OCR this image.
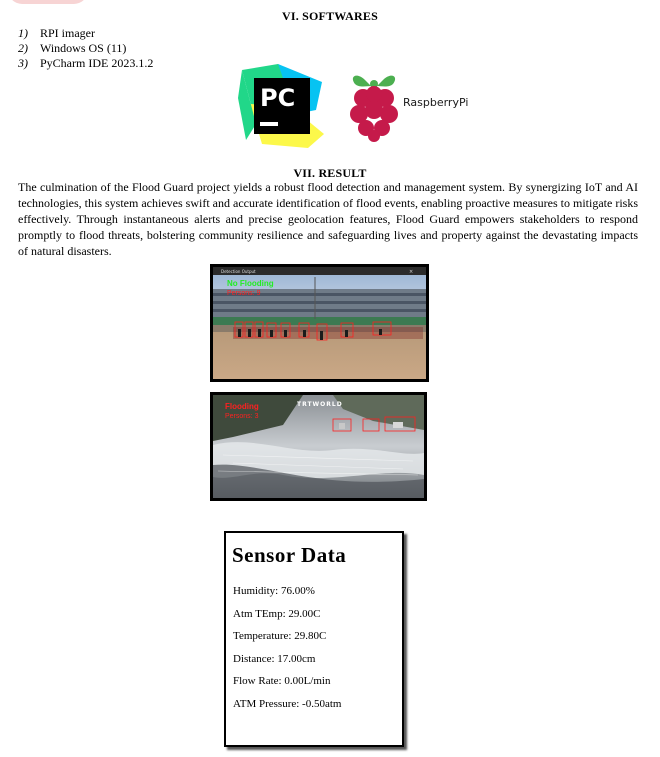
VI. SOFTWARES
1) RPI imager
2) Windows OS (11)
3) PyCharm IDE 2023.1.2
PC	RaspberryPi
VII. RESULT

The culmination of the Flood Guard project yields a robust flood detection and management system. By synergizing IoT and AI technologies, this system achieves swift and accurate identification of flood events, enabling proactive measures to mitigate risks effectively. Through instantaneous alerts and precise geolocation features, Flood Guard empowers stakeholders to respond promptly to flood threats, bolstering community resilience and safeguarding lives and property against the devastating impacts of natural disasters.

Detection Output	×
No Flooding
Persons: 9
TRTWORLD
Flooding
Persons: 3
Sensor Data
Humidity: 76.00%
Atm TEmp: 29.00C
Temperature: 29.80C
Distance: 17.00cm
Flow Rate: 0.00L/min
ATM Pressure: -0.50atm
